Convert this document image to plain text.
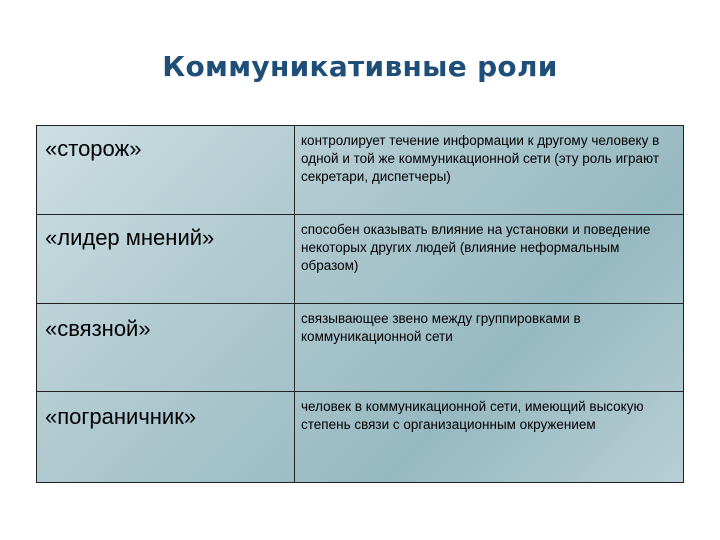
Коммуникативные роли
«сторож»	контролирует течение информации к другому человеку в одной и той же коммуникационной сети (эту роль играют секретари, диспетчеры)
«лидер мнений»	способен оказывать влияние на установки и поведение некоторых других людей (влияние неформальным образом)
«связной»	связывающее звено между группировками в коммуникационной сети
«пограничник»	человек в коммуникационной сети, имеющий высокую степень связи с организационным окружением
